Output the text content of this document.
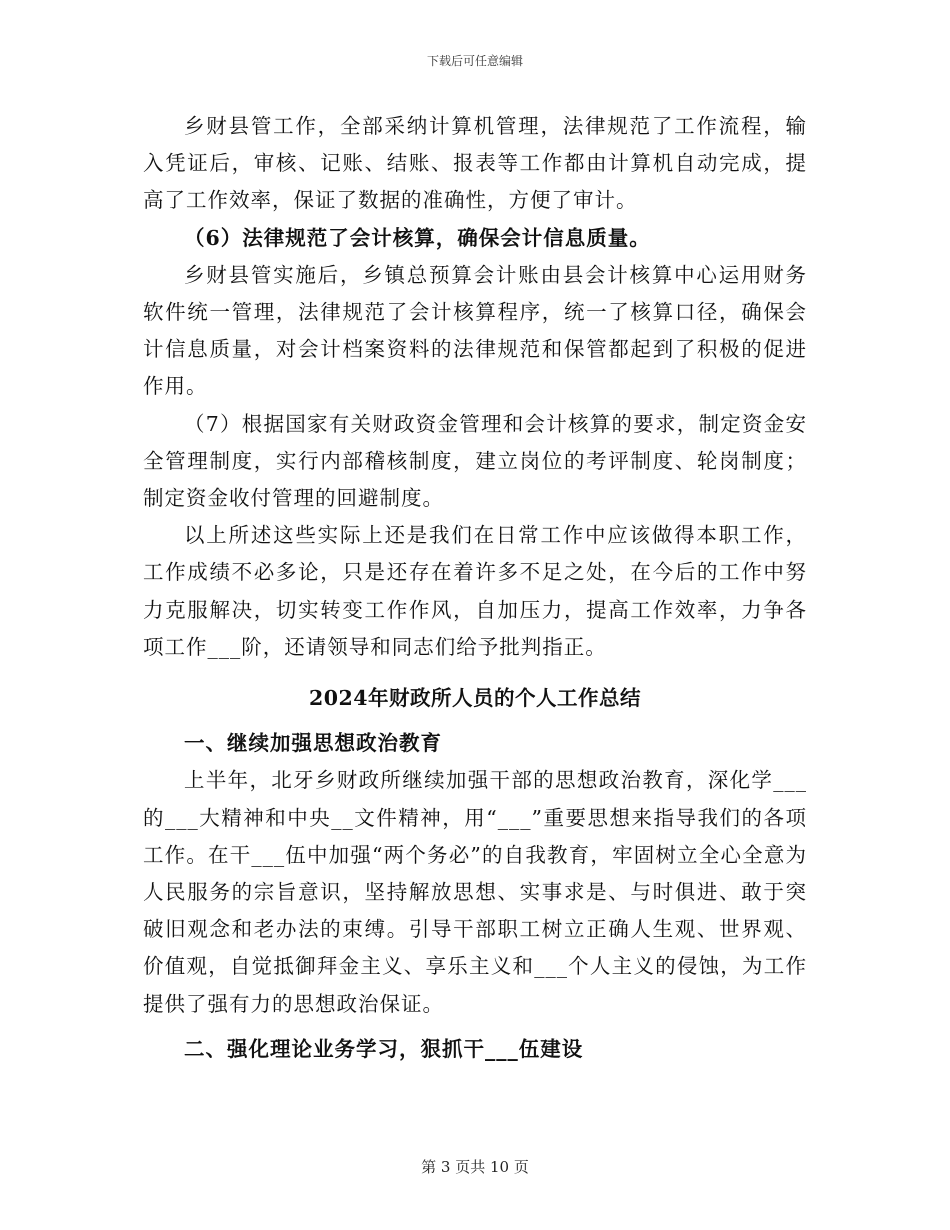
下载后可任意编辑

乡财县管工作，全部采纳计算机管理，法律规范了工作流程，输入凭证后，审核、记账、结账、报表等工作都由计算机自动完成，提高了工作效率，保证了数据的准确性，方便了审计。

（6）法律规范了会计核算，确保会计信息质量。

乡财县管实施后，乡镇总预算会计账由县会计核算中心运用财务软件统一管理，法律规范了会计核算程序，统一了核算口径，确保会计信息质量，对会计档案资料的法律规范和保管都起到了积极的促进作用。

（7）根据国家有关财政资金管理和会计核算的要求，制定资金安全管理制度，实行内部稽核制度，建立岗位的考评制度、轮岗制度；制定资金收付管理的回避制度。

以上所述这些实际上还是我们在日常工作中应该做得本职工作，工作成绩不必多论，只是还存在着许多不足之处，在今后的工作中努力克服解决，切实转变工作作风，自加压力，提高工作效率，力争各项工作___阶，还请领导和同志们给予批判指正。

2024年财政所人员的个人工作总结

一、继续加强思想政治教育

上半年，北牙乡财政所继续加强干部的思想政治教育，深化学___的___大精神和中央__文件精神，用“___”重要思想来指导我们的各项工作。在干___伍中加强“两个务必”的自我教育，牢固树立全心全意为人民服务的宗旨意识，坚持解放思想、实事求是、与时俱进、敢于突破旧观念和老办法的束缚。引导干部职工树立正确人生观、世界观、价值观，自觉抵御拜金主义、享乐主义和___个人主义的侵蚀，为工作提供了强有力的思想政治保证。

二、强化理论业务学习，狠抓干___伍建设

第 3 页共 10 页
